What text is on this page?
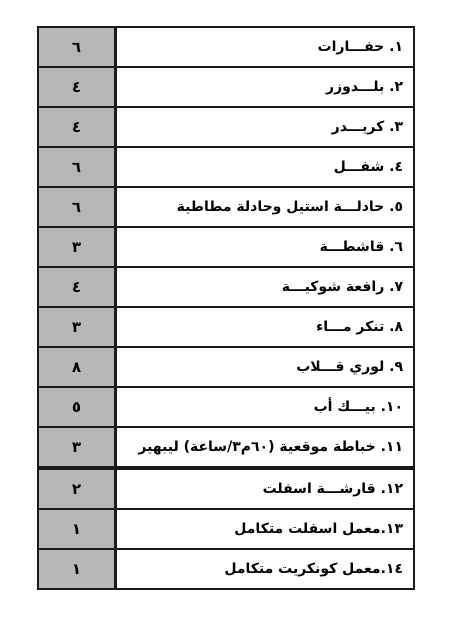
٦	١. حفـــارات
٤	٢. بلـــدوزر
٤	٣. كريـــدر
٦	٤. شفـــل
٦	٥. حادلـــة استيل وحادلة مطاطية
٣	٦. قاشطـــة
٤	٧. رافعة شوكيـــة
٣	٨. تنكر مـــاء
٨	٩. لوري قـــلاب
٥	١٠. بيـــك أب
٣	١١. خباطة موقعية (٦٠م٣/ساعة) ليبهير
٢	١٢. قارشـــة اسفلت
١	١٣.معمل اسفلت متكامل
١	١٤.معمل كونكريت متكامل
